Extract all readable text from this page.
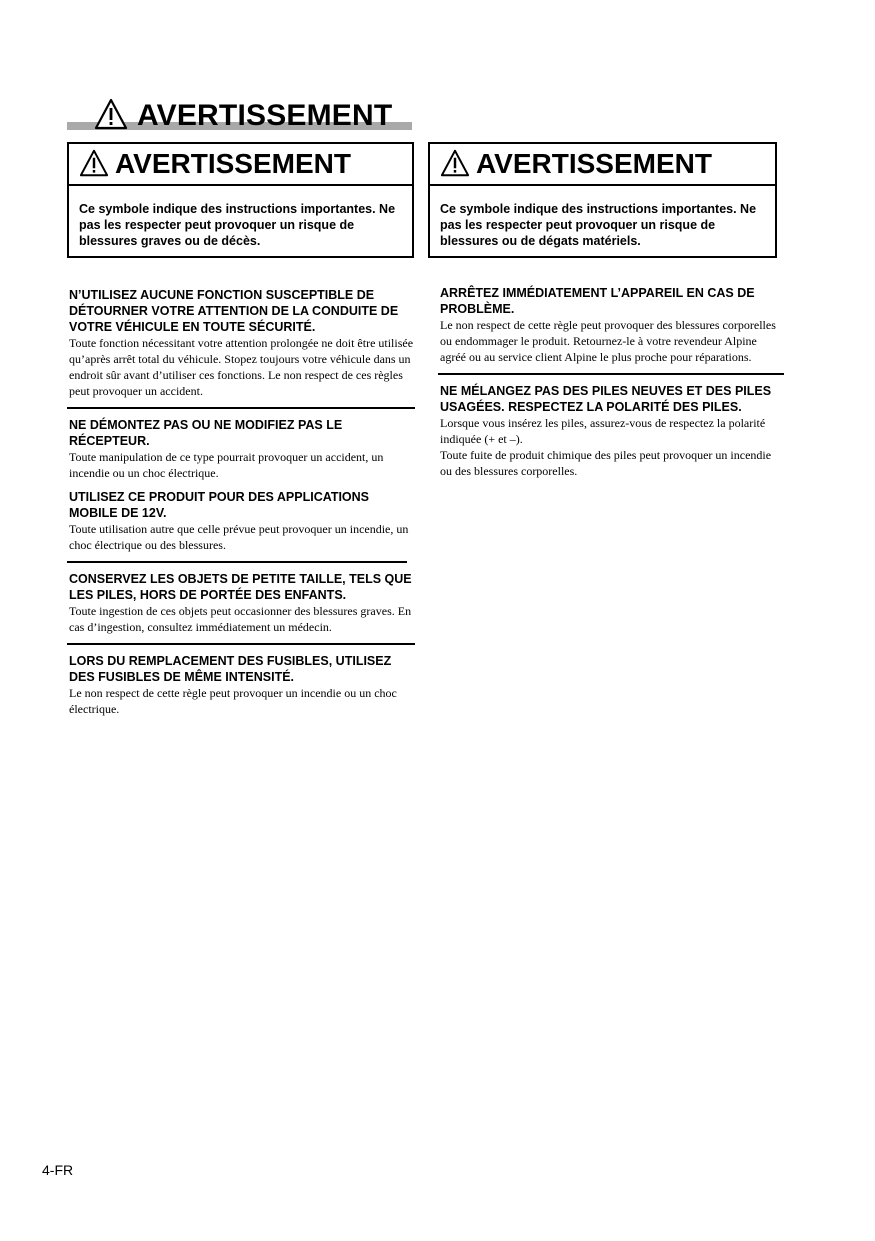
AVERTISSEMENT
AVERTISSEMENT
Ce symbole indique des instructions importantes. Ne pas les respecter peut provoquer un risque de blessures graves ou de décès.
AVERTISSEMENT
Ce symbole indique des instructions importantes. Ne pas les respecter peut provoquer un risque de blessures ou de dégats matériels.
N’UTILISEZ AUCUNE FONCTION SUSCEPTIBLE DE DÉTOURNER VOTRE ATTENTION DE LA CONDUITE DE VOTRE VÉHICULE EN TOUTE SÉCURITÉ.

Toute fonction nécessitant votre attention prolongée ne doit être utilisée qu’après arrêt total du véhicule. Stopez toujours votre véhicule dans un endroit sûr avant d’utiliser ces fonctions. Le non respect de ces règles peut provoquer un accident.

NE DÉMONTEZ PAS OU NE MODIFIEZ PAS LE RÉCEPTEUR.

Toute manipulation de ce type pourrait provoquer un accident, un incendie ou un choc électrique.

UTILISEZ CE PRODUIT POUR DES APPLICATIONS MOBILE DE 12V.

Toute utilisation autre que celle prévue peut provoquer un incendie, un choc électrique ou des blessures.

CONSERVEZ LES OBJETS DE PETITE TAILLE, TELS QUE LES PILES, HORS DE PORTÉE DES ENFANTS.

Toute ingestion de ces objets peut occasionner des blessures graves. En cas d’ingestion, consultez immédiatement un médecin.

LORS DU REMPLACEMENT DES FUSIBLES, UTILISEZ DES FUSIBLES DE MÊME INTENSITÉ.

Le non respect de cette règle peut provoquer un incendie ou un choc électrique.

ARRÊTEZ IMMÉDIATEMENT L’APPAREIL EN CAS DE PROBLÈME.

Le non respect de cette règle peut provoquer des blessures corporelles ou endommager le produit. Retournez-le à votre revendeur Alpine agréé ou au service client Alpine le plus proche pour réparations.

NE MÉLANGEZ PAS DES PILES NEUVES ET DES PILES USAGÉES. RESPECTEZ LA POLARITÉ DES PILES.

Lorsque vous insérez les piles, assurez-vous de respectez la polarité indiquée (+ et –).

Toute fuite de produit chimique des piles peut provoquer un incendie ou des blessures corporelles.

4-FR
